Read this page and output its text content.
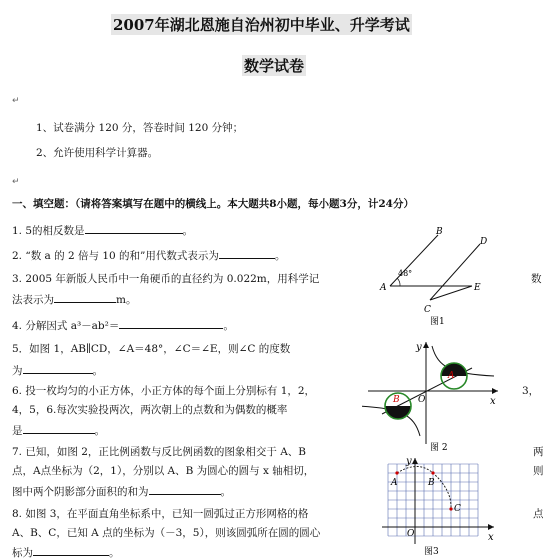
2007年湖北恩施自治州初中毕业、升学考试
数学试卷
↵
↵
1、试卷满分 120 分，答卷时间 120 分钟；
2、允许使用科学计算器。
一、填空题：（请将答案填写在题中的横线上。本大题共8小题，每小题3分，计24分）
1. 5的相反数是	。
2. “数 a 的 2 倍与 10 的和”用代数式表示为	。
3. 2005 年新版人民币中一角硬币的直径约为 0.022m，用科学记	数
法表示为	m。
4. 分解因式 a³－ab²＝	。
5．如图 1，AB∥CD，∠A＝48°，∠C＝∠E，则∠C 的度数
为	。
6. 投一枚均匀的小正方体，小正方体的每个面上分别标有 1，2，	3，
4，5，6.每次实验投两次，两次朝上的点数和为偶数的概率
是	。
7. 已知，如图 2，正比例函数与反比例函数的图象相交于 A、B	两
点，A点坐标为（2，1），分别以 A、B 为圆心的圆与 x 轴相切，	则
图中两个阴影部分面积的和为	。
8. 如图 3，在平面直角坐标系中，已知一圆弧过正方形网格的格	点
A、B、C，已知 A 点的坐标为（－3，5），则该圆弧所在圆的圆心
标为	。
A
B
D
E
C
48°
图1
A
B
y
x
O
图 2
A	B
C
y
x
O
图3
